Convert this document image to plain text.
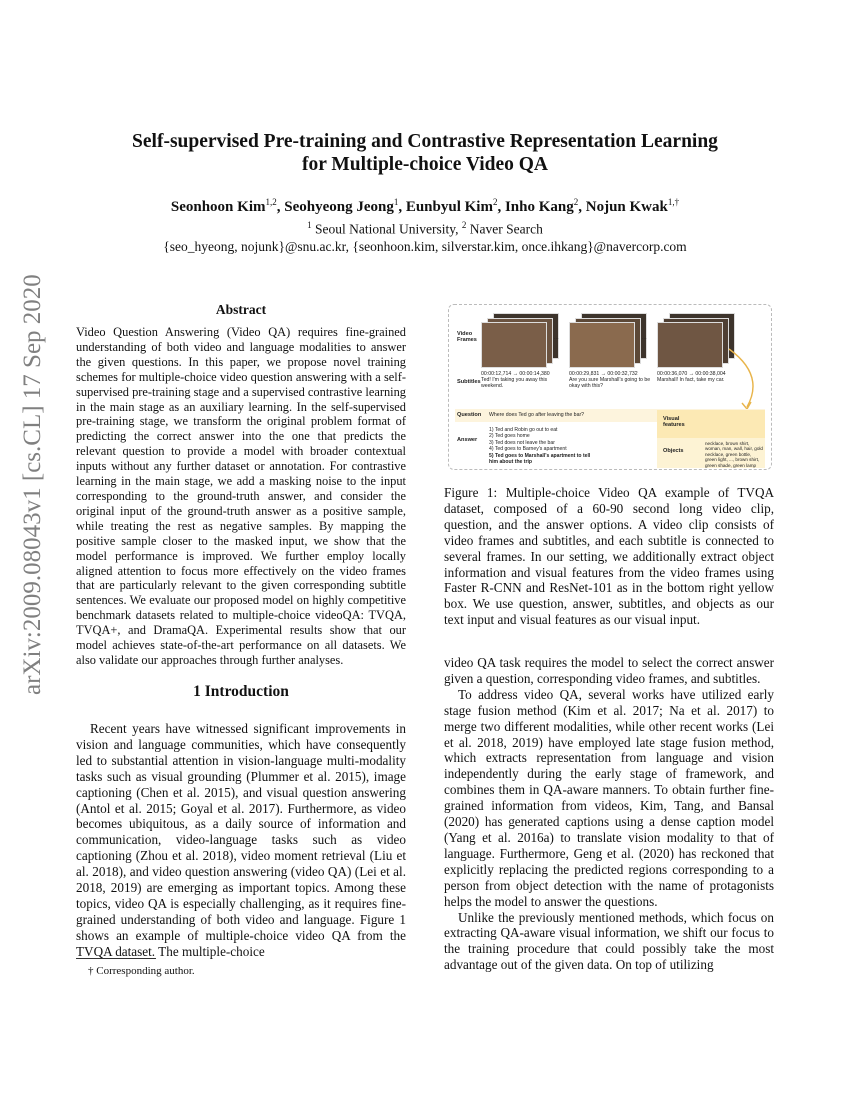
arXiv:2009.08043v1 [cs.CL] 17 Sep 2020
Self-supervised Pre-training and Contrastive Representation Learning
for Multiple-choice Video QA
Seonhoon Kim$^{1,2}$, Seohyeong Jeong$^1$, Eunbyul Kim$^2$, Inho Kang$^2$, Nojun Kwak$^{1,\dagger}$
$^1$ Seoul National University, $^2$ Naver Search
{seo_hyeong, nojunk}@snu.ac.kr, {seonhoon.kim, silverstar.kim, once.ihkang}@navercorp.com
Abstract
Video Question Answering (Video QA) requires fine-grained understanding of both video and language modalities to answer the given questions. In this paper, we propose novel training schemes for multiple-choice video question answering with a self-supervised pre-training stage and a supervised contrastive learning in the main stage as an auxiliary learning. In the self-supervised pre-training stage, we transform the original problem format of predicting the correct answer into the one that predicts the relevant question to provide a model with broader contextual inputs without any further dataset or annotation. For contrastive learning in the main stage, we add a masking noise to the input corresponding to the ground-truth answer, and consider the original input of the ground-truth answer as a positive sample, while treating the rest as negative samples. By mapping the positive sample closer to the masked input, we show that the model performance is improved. We further employ locally aligned attention to focus more effectively on the video frames that are particularly relevant to the given corresponding subtitle sentences. We evaluate our proposed model on highly competitive benchmark datasets related to multiple-choice videoQA: TVQA, TVQA+, and DramaQA. Experimental results show that our model achieves state-of-the-art performance on all datasets. We also validate our approaches through further analyses.
1 Introduction
Recent years have witnessed significant improvements in vision and language communities, which have consequently led to substantial attention in vision-language multi-modality tasks such as visual grounding (Plummer et al. 2015), image captioning (Chen et al. 2015), and visual question answering (Antol et al. 2015; Goyal et al. 2017). Furthermore, as video becomes ubiquitous, as a daily source of information and communication, video-language tasks such as video captioning (Zhou et al. 2018), video moment retrieval (Liu et al. 2018), and video question answering (video QA) (Lei et al. 2018, 2019) are emerging as important topics. Among these topics, video QA is especially challenging, as it requires fine-grained understanding of both video and language. Figure 1 shows an example of multiple-choice video QA from the TVQA dataset. The multiple-choice
† Corresponding author.
Video Frames	...	...
Subtitles
00:00:12,714 → 00:00:14,380
Ted! I'm taking you away this weekend.
00:00:29,831 → 00:00:32,732
Are you sure Marshall's going to be okay with this?
00:00:36,070 → 00:00:38,004
Marshall! In fact, take my car.
Question Where does Ted go after leaving the bar?
Answer
1) Ted and Robin go out to eat
2) Ted goes home
3) Ted does not leave the bar
4) Ted goes to Barney's apartment
5) Ted goes to Marshall's apartment to tell him about the trip
Visual features
Objects
necklace, brown shirt, woman, man, wall, hair, gold necklace, green bottle, green light, ..., brown shirt, green shade, green lamp
Figure 1: Multiple-choice Video QA example of TVQA dataset, composed of a 60-90 second long video clip, question, and the answer options. A video clip consists of video frames and subtitles, and each subtitle is connected to several frames. In our setting, we additionally extract object information and visual features from the video frames using Faster R-CNN and ResNet-101 as in the bottom right yellow box. We use question, answer, subtitles, and objects as our text input and visual features as our visual input.

video QA task requires the model to select the correct answer given a question, corresponding video frames, and subtitles.

To address video QA, several works have utilized early stage fusion method (Kim et al. 2017; Na et al. 2017) to merge two different modalities, while other recent works (Lei et al. 2018, 2019) have employed late stage fusion method, which extracts representation from language and vision independently during the early stage of framework, and combines them in QA-aware manners. To obtain further fine-grained information from videos, Kim, Tang, and Bansal (2020) has generated captions using a dense caption model (Yang et al. 2016a) to translate vision modality to that of language. Furthermore, Geng et al. (2020) has reckoned that explicitly replacing the predicted regions corresponding to a person from object detection with the name of protagonists helps the model to answer the questions.

Unlike the previously mentioned methods, which focus on extracting QA-aware visual information, we shift our focus to the training procedure that could possibly take the most advantage out of the given data. On top of utilizing
